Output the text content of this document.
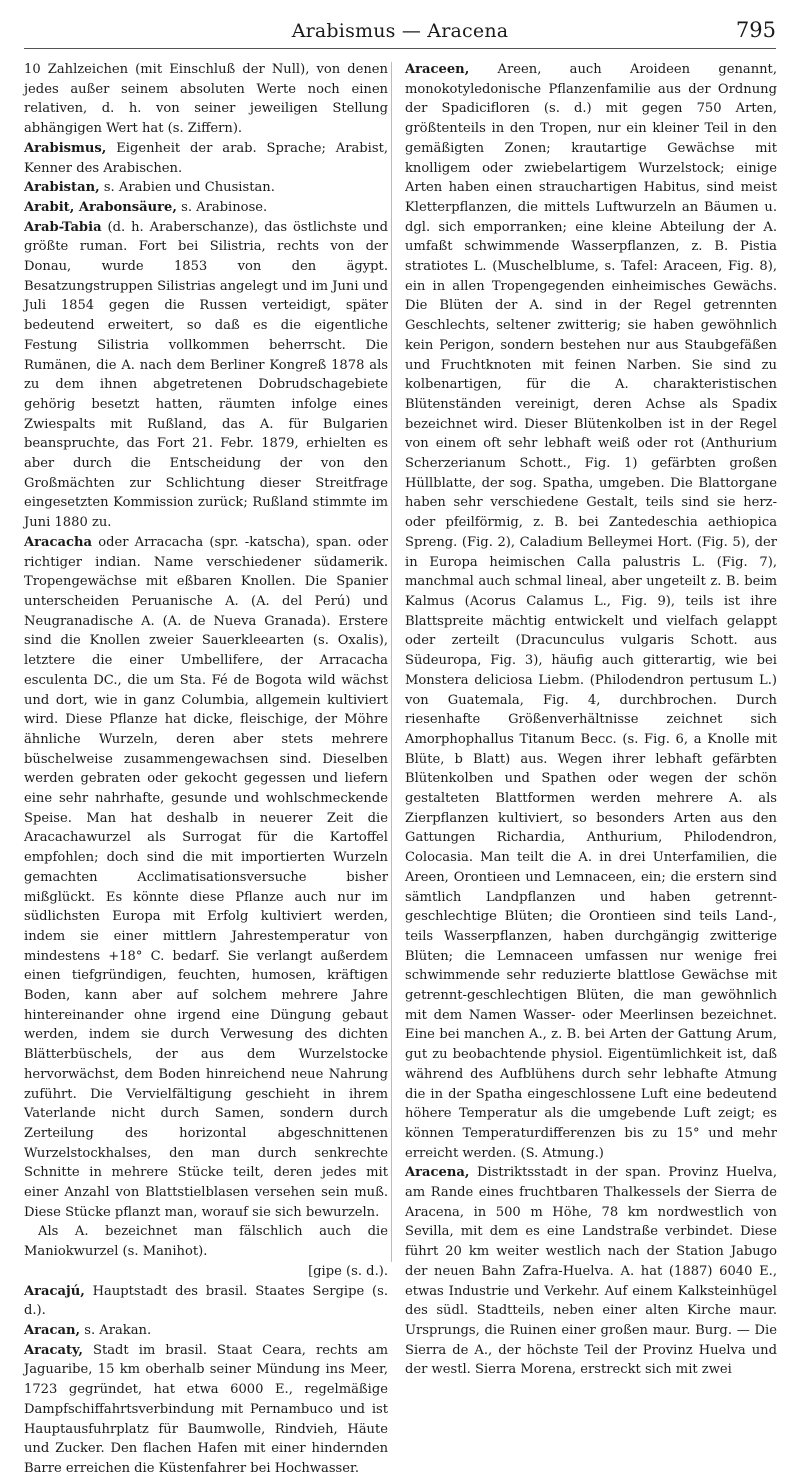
Arabismus — Aracena	795

10 Zahlzeichen (mit Einschluß der Null), von denen jedes außer seinem absoluten Werte noch einen relativen, d. h. von seiner jeweiligen Stellung abhängigen Wert hat (s. Ziffern).

Arabismus, Eigenheit der arab. Sprache; Arabist, Kenner des Arabischen.

Arabistan, s. Arabien und Chusistan.

Arabit, Arabonsäure, s. Arabinose.

Arab-Tabia (d. h. Araberschanze), das östlichste und größte ruman. Fort bei Silistria, rechts von der Donau, wurde 1853 von den ägypt. Besatzungstruppen Silistrias angelegt und im Juni und Juli 1854 gegen die Russen verteidigt, später bedeutend erweitert, so daß es die eigentliche Festung Silistria vollkommen beherrscht. Die Rumänen, die A. nach dem Berliner Kongreß 1878 als zu dem ihnen abgetretenen Dobrudschagebiete gehörig besetzt hatten, räumten infolge eines Zwiespalts mit Rußland, das A. für Bulgarien beanspruchte, das Fort 21. Febr. 1879, erhielten es aber durch die Entscheidung der von den Großmächten zur Schlichtung dieser Streitfrage eingesetzten Kommission zurück; Rußland stimmte im Juni 1880 zu.

Aracacha oder Arracacha (spr. -katscha), span. oder richtiger indian. Name verschiedener südamerik. Tropengewächse mit eßbaren Knollen. Die Spanier unterscheiden Peruanische A. (A. del Perú) und Neugranadische A. (A. de Nueva Granada). Erstere sind die Knollen zweier Sauerkleearten (s. Oxalis), letztere die einer Umbellifere, der Arracacha esculenta DC., die um Sta. Fé de Bogota wild wächst und dort, wie in ganz Columbia, allgemein kultiviert wird. Diese Pflanze hat dicke, fleischige, der Möhre ähnliche Wurzeln, deren aber stets mehrere büschelweise zusammengewachsen sind. Dieselben werden gebraten oder gekocht gegessen und liefern eine sehr nahrhafte, gesunde und wohlschmeckende Speise. Man hat deshalb in neuerer Zeit die Aracachawurzel als Surrogat für die Kartoffel empfohlen; doch sind die mit importierten Wurzeln gemachten Acclimatisationsversuche bisher mißglückt. Es könnte diese Pflanze auch nur im südlichsten Europa mit Erfolg kultiviert werden, indem sie einer mittlern Jahrestemperatur von mindestens +18° C. bedarf. Sie verlangt außerdem einen tiefgründigen, feuchten, humosen, kräftigen Boden, kann aber auf solchem mehrere Jahre hintereinander ohne irgend eine Düngung gebaut werden, indem sie durch Verwesung des dichten Blätterbüschels, der aus dem Wurzelstocke hervorwächst, dem Boden hinreichend neue Nahrung zuführt. Die Vervielfältigung geschieht in ihrem Vaterlande nicht durch Samen, sondern durch Zerteilung des horizontal abgeschnittenen Wurzelstockhalses, den man durch senkrechte Schnitte in mehrere Stücke teilt, deren jedes mit einer Anzahl von Blattstielblasen versehen sein muß. Diese Stücke pflanzt man, worauf sie sich bewurzeln.

Als A. bezeichnet man fälschlich auch die Maniokwurzel (s. Manihot).
[gipe (s. d.).

Aracajú, Hauptstadt des brasil. Staates Sergipe (s. d.).

Aracan, s. Arakan.

Aracaty, Stadt im brasil. Staat Ceara, rechts am Jaguaribe, 15 km oberhalb seiner Mündung ins Meer, 1723 gegründet, hat etwa 6000 E., regelmäßige Dampfschiffahrtsverbindung mit Pernambuco und ist Hauptausfuhrplatz für Baumwolle, Rindvieh, Häute und Zucker. Den flachen Hafen mit einer hindernden Barre erreichen die Küstenfahrer bei Hochwasser.

Araceen, Areen, auch Aroideen genannt, monokotyledonische Pflanzenfamilie aus der Ordnung der Spadicifloren (s. d.) mit gegen 750 Arten, größtenteils in den Tropen, nur ein kleiner Teil in den gemäßigten Zonen; krautartige Gewächse mit knolligem oder zwiebelartigem Wurzelstock; einige Arten haben einen strauchartigen Habitus, sind meist Kletterpflanzen, die mittels Luftwurzeln an Bäumen u. dgl. sich emporranken; eine kleine Abteilung der A. umfaßt schwimmende Wasserpflanzen, z. B. Pistia stratiotes L. (Muschelblume, s. Tafel: Araceen, Fig. 8), ein in allen Tropengegenden einheimisches Gewächs. Die Blüten der A. sind in der Regel getrennten Geschlechts, seltener zwitterig; sie haben gewöhnlich kein Perigon, sondern bestehen nur aus Staubgefäßen und Fruchtknoten mit feinen Narben. Sie sind zu kolbenartigen, für die A. charakteristischen Blütenständen vereinigt, deren Achse als Spadix bezeichnet wird. Dieser Blütenkolben ist in der Regel von einem oft sehr lebhaft weiß oder rot (Anthurium Scherzerianum Schott., Fig. 1) gefärbten großen Hüllblatte, der sog. Spatha, umgeben. Die Blattorgane haben sehr verschiedene Gestalt, teils sind sie herz- oder pfeilförmig, z. B. bei Zantedeschia aethiopica Spreng. (Fig. 2), Caladium Belleymei Hort. (Fig. 5), der in Europa heimischen Calla palustris L. (Fig. 7), manchmal auch schmal lineal, aber ungeteilt z. B. beim Kalmus (Acorus Calamus L., Fig. 9), teils ist ihre Blattspreite mächtig entwickelt und vielfach gelappt oder zerteilt (Dracunculus vulgaris Schott. aus Südeuropa, Fig. 3), häufig auch gitterartig, wie bei Monstera deliciosa Liebm. (Philodendron pertusum L.) von Guatemala, Fig. 4, durchbrochen. Durch riesenhafte Größenverhältnisse zeichnet sich Amorphophallus Titanum Becc. (s. Fig. 6, a Knolle mit Blüte, b Blatt) aus. Wegen ihrer lebhaft gefärbten Blütenkolben und Spathen oder wegen der schön gestalteten Blattformen werden mehrere A. als Zierpflanzen kultiviert, so besonders Arten aus den Gattungen Richardia, Anthurium, Philodendron, Colocasia. Man teilt die A. in drei Unterfamilien, die Areen, Orontieen und Lemnaceen, ein; die erstern sind sämtlich Landpflanzen und haben getrennt-geschlechtige Blüten; die Orontieen sind teils Land-, teils Wasserpflanzen, haben durchgängig zwitterige Blüten; die Lemnaceen umfassen nur wenige frei schwimmende sehr reduzierte blattlose Gewächse mit getrennt-geschlechtigen Blüten, die man gewöhnlich mit dem Namen Wasser- oder Meerlinsen bezeichnet. Eine bei manchen A., z. B. bei Arten der Gattung Arum, gut zu beobachtende physiol. Eigentümlichkeit ist, daß während des Aufblühens durch sehr lebhafte Atmung die in der Spatha eingeschlossene Luft eine bedeutend höhere Temperatur als die umgebende Luft zeigt; es können Temperaturdifferenzen bis zu 15° und mehr erreicht werden. (S. Atmung.)

Aracena, Distriktsstadt in der span. Provinz Huelva, am Rande eines fruchtbaren Thalkessels der Sierra de Aracena, in 500 m Höhe, 78 km nordwestlich von Sevilla, mit dem es eine Landstraße verbindet. Diese führt 20 km weiter westlich nach der Station Jabugo der neuen Bahn Zafra-Huelva. A. hat (1887) 6040 E., etwas Industrie und Verkehr. Auf einem Kalksteinhügel des südl. Stadtteils, neben einer alten Kirche maur. Ursprungs, die Ruinen einer großen maur. Burg. — Die Sierra de A., der höchste Teil der Provinz Huelva und der westl. Sierra Morena, erstreckt sich mit zwei
